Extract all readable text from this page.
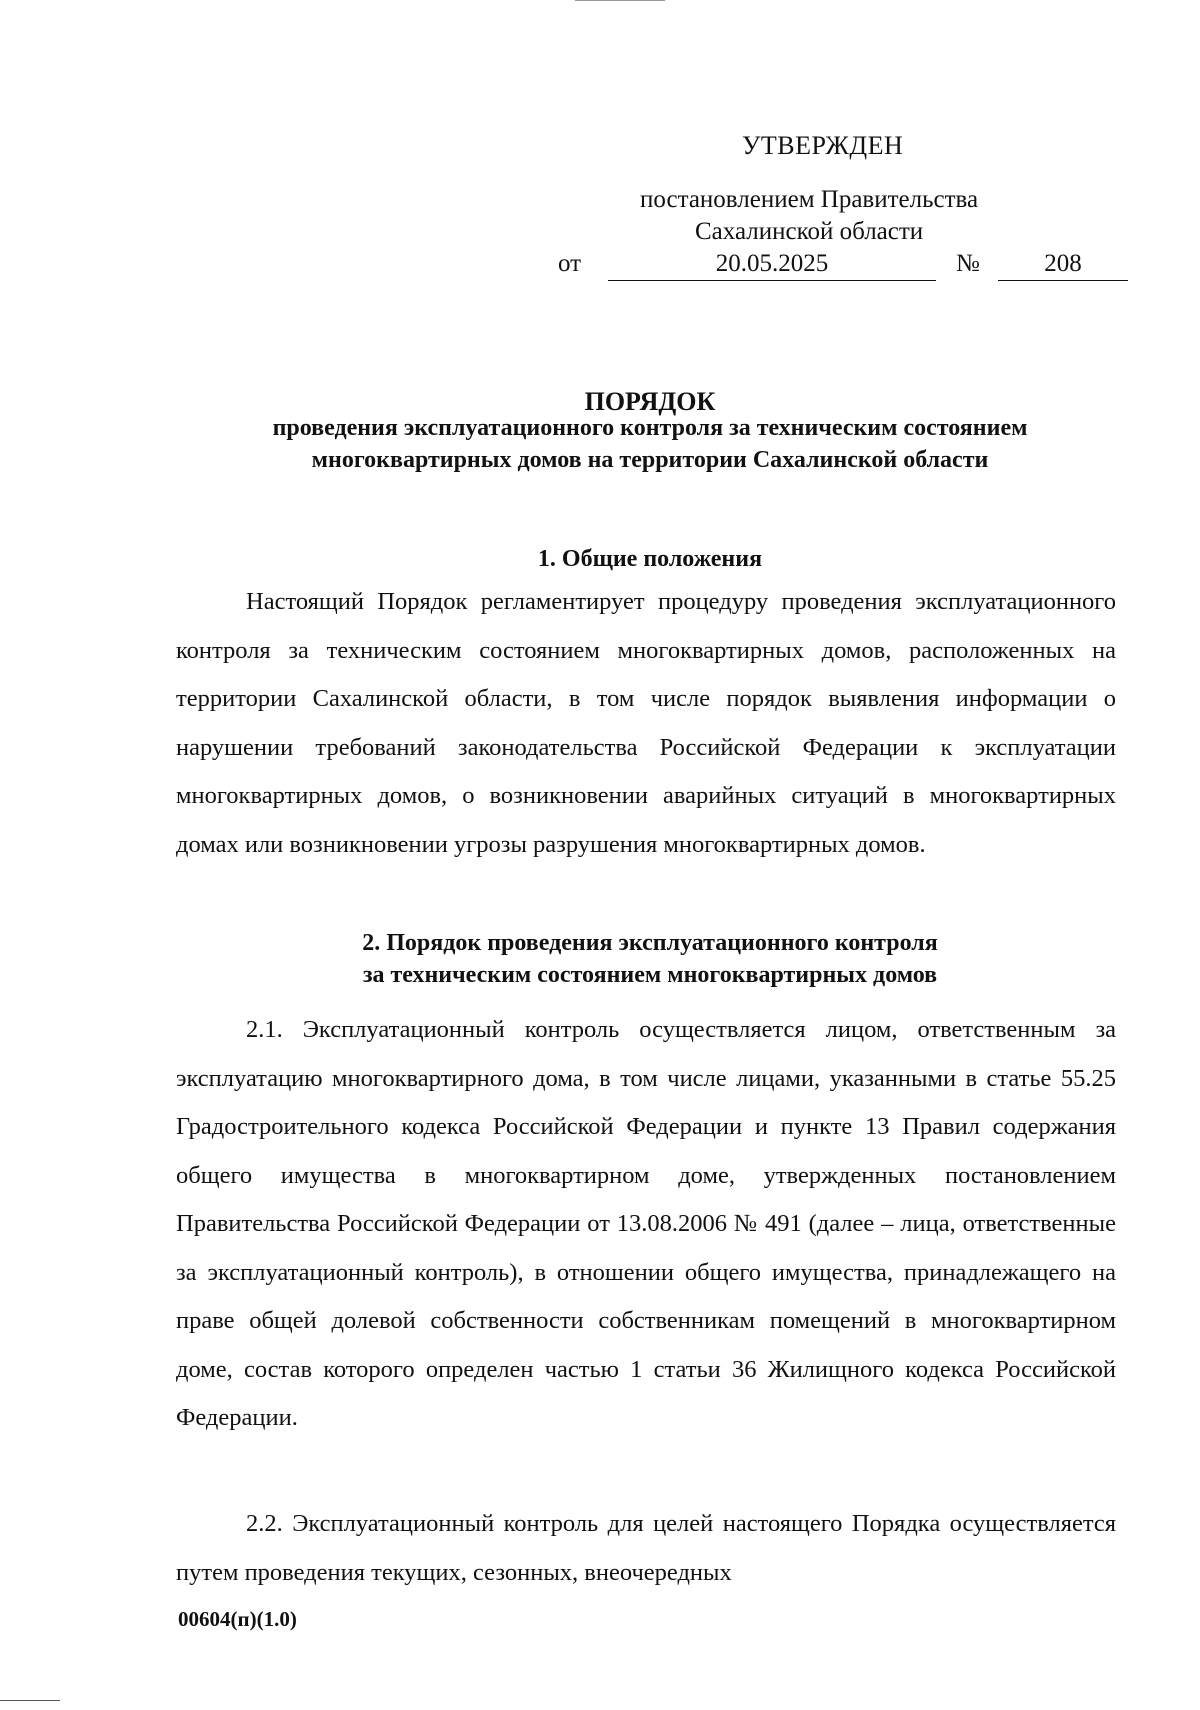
УТВЕРЖДЕН
постановлением Правительства
Сахалинской области
от	20.05.2025	№	208
ПОРЯДОК
проведения эксплуатационного контроля за техническим состоянием
многоквартирных домов на территории Сахалинской области
1. Общие положения
Настоящий Порядок регламентирует процедуру проведения эксплуатационного контроля за техническим состоянием многоквартирных домов, расположенных на территории Сахалинской области, в том числе порядок выявления информации о нарушении требований законодательства Российской Федерации к эксплуатации многоквартирных домов, о возникновении аварийных ситуаций в многоквартирных домах или возникновении угрозы разрушения многоквартирных домов.
2. Порядок проведения эксплуатационного контроля
за техническим состоянием многоквартирных домов
2.1. Эксплуатационный контроль осуществляется лицом, ответственным за эксплуатацию многоквартирного дома, в том числе лицами, указанными в статье 55.25 Градостроительного кодекса Российской Федерации и пункте 13 Правил содержания общего имущества в многоквартирном доме, утвержденных постановлением Правительства Российской Федерации от 13.08.2006 № 491 (далее – лица, ответственные за эксплуатационный контроль), в отношении общего имущества, принадлежащего на праве общей долевой собственности собственникам помещений в многоквартирном доме, состав которого определен частью 1 статьи 36 Жилищного кодекса Российской Федерации.
2.2. Эксплуатационный контроль для целей настоящего Порядка осуществляется путем проведения текущих, сезонных, внеочередных
00604(п)(1.0)
